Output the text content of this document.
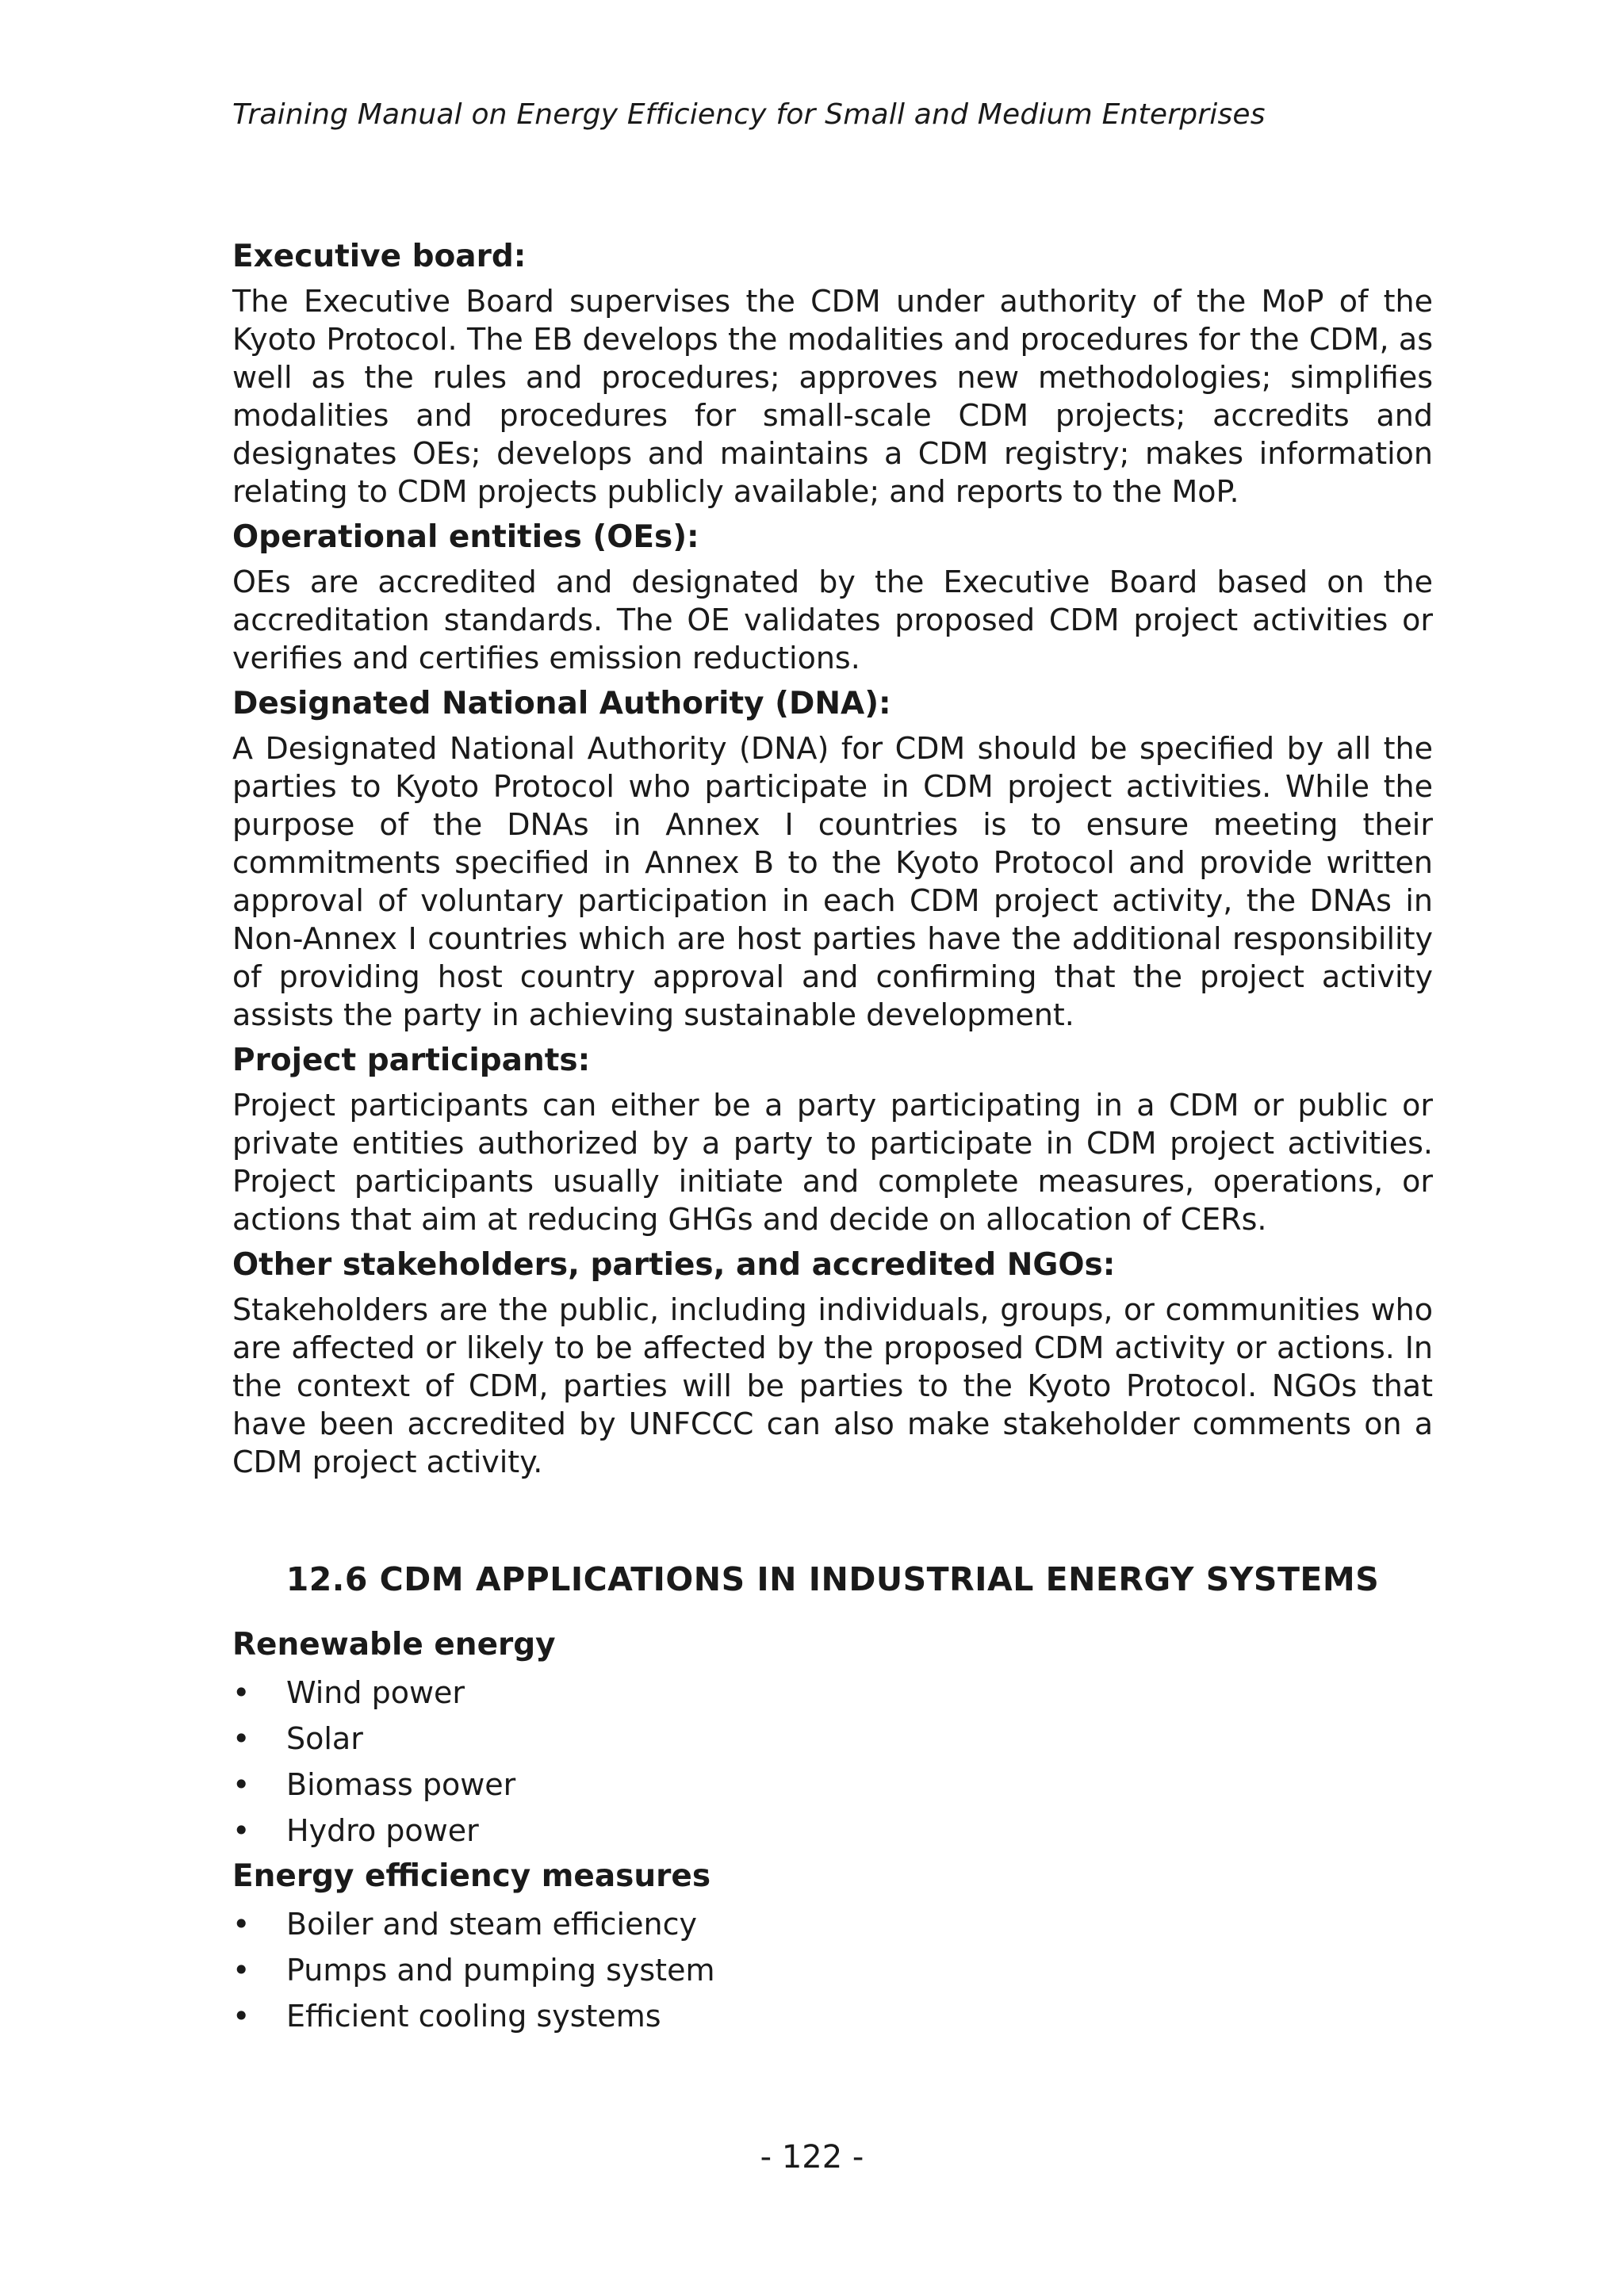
Training Manual on Energy Efficiency for Small and Medium Enterprises
Executive board:

The Executive Board supervises the CDM under authority of the MoP of the Kyoto Protocol. The EB develops the modalities and procedures for the CDM, as well as the rules and procedures; approves new methodologies; simplifies modalities and procedures for small-scale CDM projects; accredits and designates OEs; develops and maintains a CDM registry; makes information relating to CDM projects publicly available; and reports to the MoP.

Operational entities (OEs):

OEs are accredited and designated by the Executive Board based on the accreditation standards. The OE validates proposed CDM project activities or verifies and certifies emission reductions.

Designated National Authority (DNA):

A Designated National Authority (DNA) for CDM should be specified by all the parties to Kyoto Protocol who participate in CDM project activities. While the purpose of the DNAs in Annex I countries is to ensure meeting their commitments specified in Annex B to the Kyoto Protocol and provide written approval of voluntary participation in each CDM project activity, the DNAs in Non-Annex I countries which are host parties have the additional responsibility of providing host country approval and confirming that the project activity assists the party in achieving sustainable development.

Project participants:

Project participants can either be a party participating in a CDM or public or private entities authorized by a party to participate in CDM project activities. Project participants usually initiate and complete measures, operations, or actions that aim at reducing GHGs and decide on allocation of CERs.

Other stakeholders, parties, and accredited NGOs:

Stakeholders are the public, including individuals, groups, or communities who are affected or likely to be affected by the proposed CDM activity or actions. In the context of CDM, parties will be parties to the Kyoto Protocol. NGOs that have been accredited by UNFCCC can also make stakeholder comments on a CDM project activity.

12.6 CDM APPLICATIONS IN INDUSTRIAL ENERGY SYSTEMS
Renewable energy
•	Wind power
•	Solar
•	Biomass power
•	Hydro power
Energy efficiency measures
•	Boiler and steam efficiency
•	Pumps and pumping system
•	Efficient cooling systems
- 122 -
